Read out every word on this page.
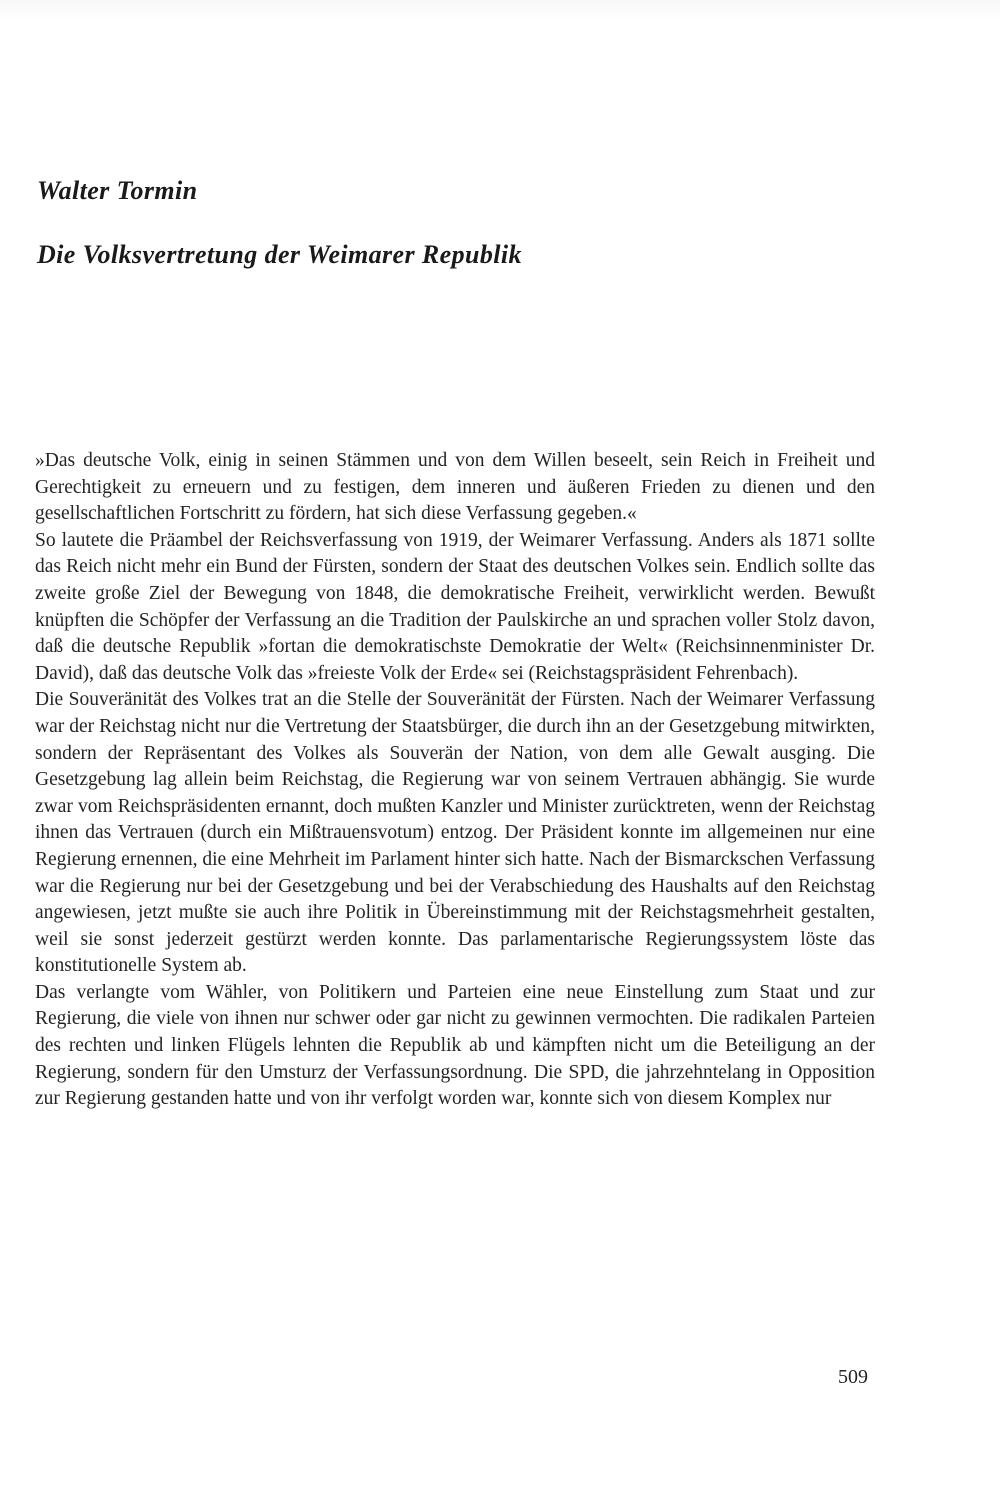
Walter Tormin
Die Volksvertretung der Weimarer Republik

»Das deutsche Volk, einig in seinen Stämmen und von dem Willen beseelt, sein Reich in Freiheit und Gerechtigkeit zu erneuern und zu festigen, dem inneren und äußeren Frieden zu dienen und den gesellschaftlichen Fortschritt zu fördern, hat sich diese Verfassung gegeben.«

So lautete die Präambel der Reichsverfassung von 1919, der Weimarer Verfassung. Anders als 1871 sollte das Reich nicht mehr ein Bund der Fürsten, sondern der Staat des deutschen Volkes sein. Endlich sollte das zweite große Ziel der Bewegung von 1848, die demokratische Freiheit, verwirklicht werden. Bewußt knüpften die Schöpfer der Verfassung an die Tradition der Paulskirche an und sprachen voller Stolz davon, daß die deutsche Republik »fortan die demokratischste Demokratie der Welt« (Reichsinnenminister Dr. David), daß das deutsche Volk das »freieste Volk der Erde« sei (Reichstagspräsident Fehrenbach).

Die Souveränität des Volkes trat an die Stelle der Souveränität der Fürsten. Nach der Weimarer Verfassung war der Reichstag nicht nur die Vertretung der Staatsbürger, die durch ihn an der Gesetzgebung mitwirkten, sondern der Repräsentant des Volkes als Souverän der Nation, von dem alle Gewalt ausging. Die Gesetzgebung lag allein beim Reichstag, die Regierung war von seinem Vertrauen abhängig. Sie wurde zwar vom Reichspräsidenten ernannt, doch mußten Kanzler und Minister zurücktreten, wenn der Reichstag ihnen das Vertrauen (durch ein Mißtrauensvotum) entzog. Der Präsident konnte im allgemeinen nur eine Regierung ernennen, die eine Mehrheit im Parlament hinter sich hatte. Nach der Bismarckschen Verfassung war die Regierung nur bei der Gesetzgebung und bei der Verabschiedung des Haushalts auf den Reichstag angewiesen, jetzt mußte sie auch ihre Politik in Übereinstimmung mit der Reichstagsmehrheit gestalten, weil sie sonst jederzeit gestürzt werden konnte. Das parlamentarische Regierungssystem löste das konstitutionelle System ab.

Das verlangte vom Wähler, von Politikern und Parteien eine neue Einstellung zum Staat und zur Regierung, die viele von ihnen nur schwer oder gar nicht zu gewinnen vermochten. Die radikalen Parteien des rechten und linken Flügels lehnten die Republik ab und kämpften nicht um die Beteiligung an der Regierung, sondern für den Umsturz der Verfassungsordnung. Die SPD, die jahrzehntelang in Opposition zur Regierung gestanden hatte und von ihr verfolgt worden war, konnte sich von diesem Komplex nur

509
